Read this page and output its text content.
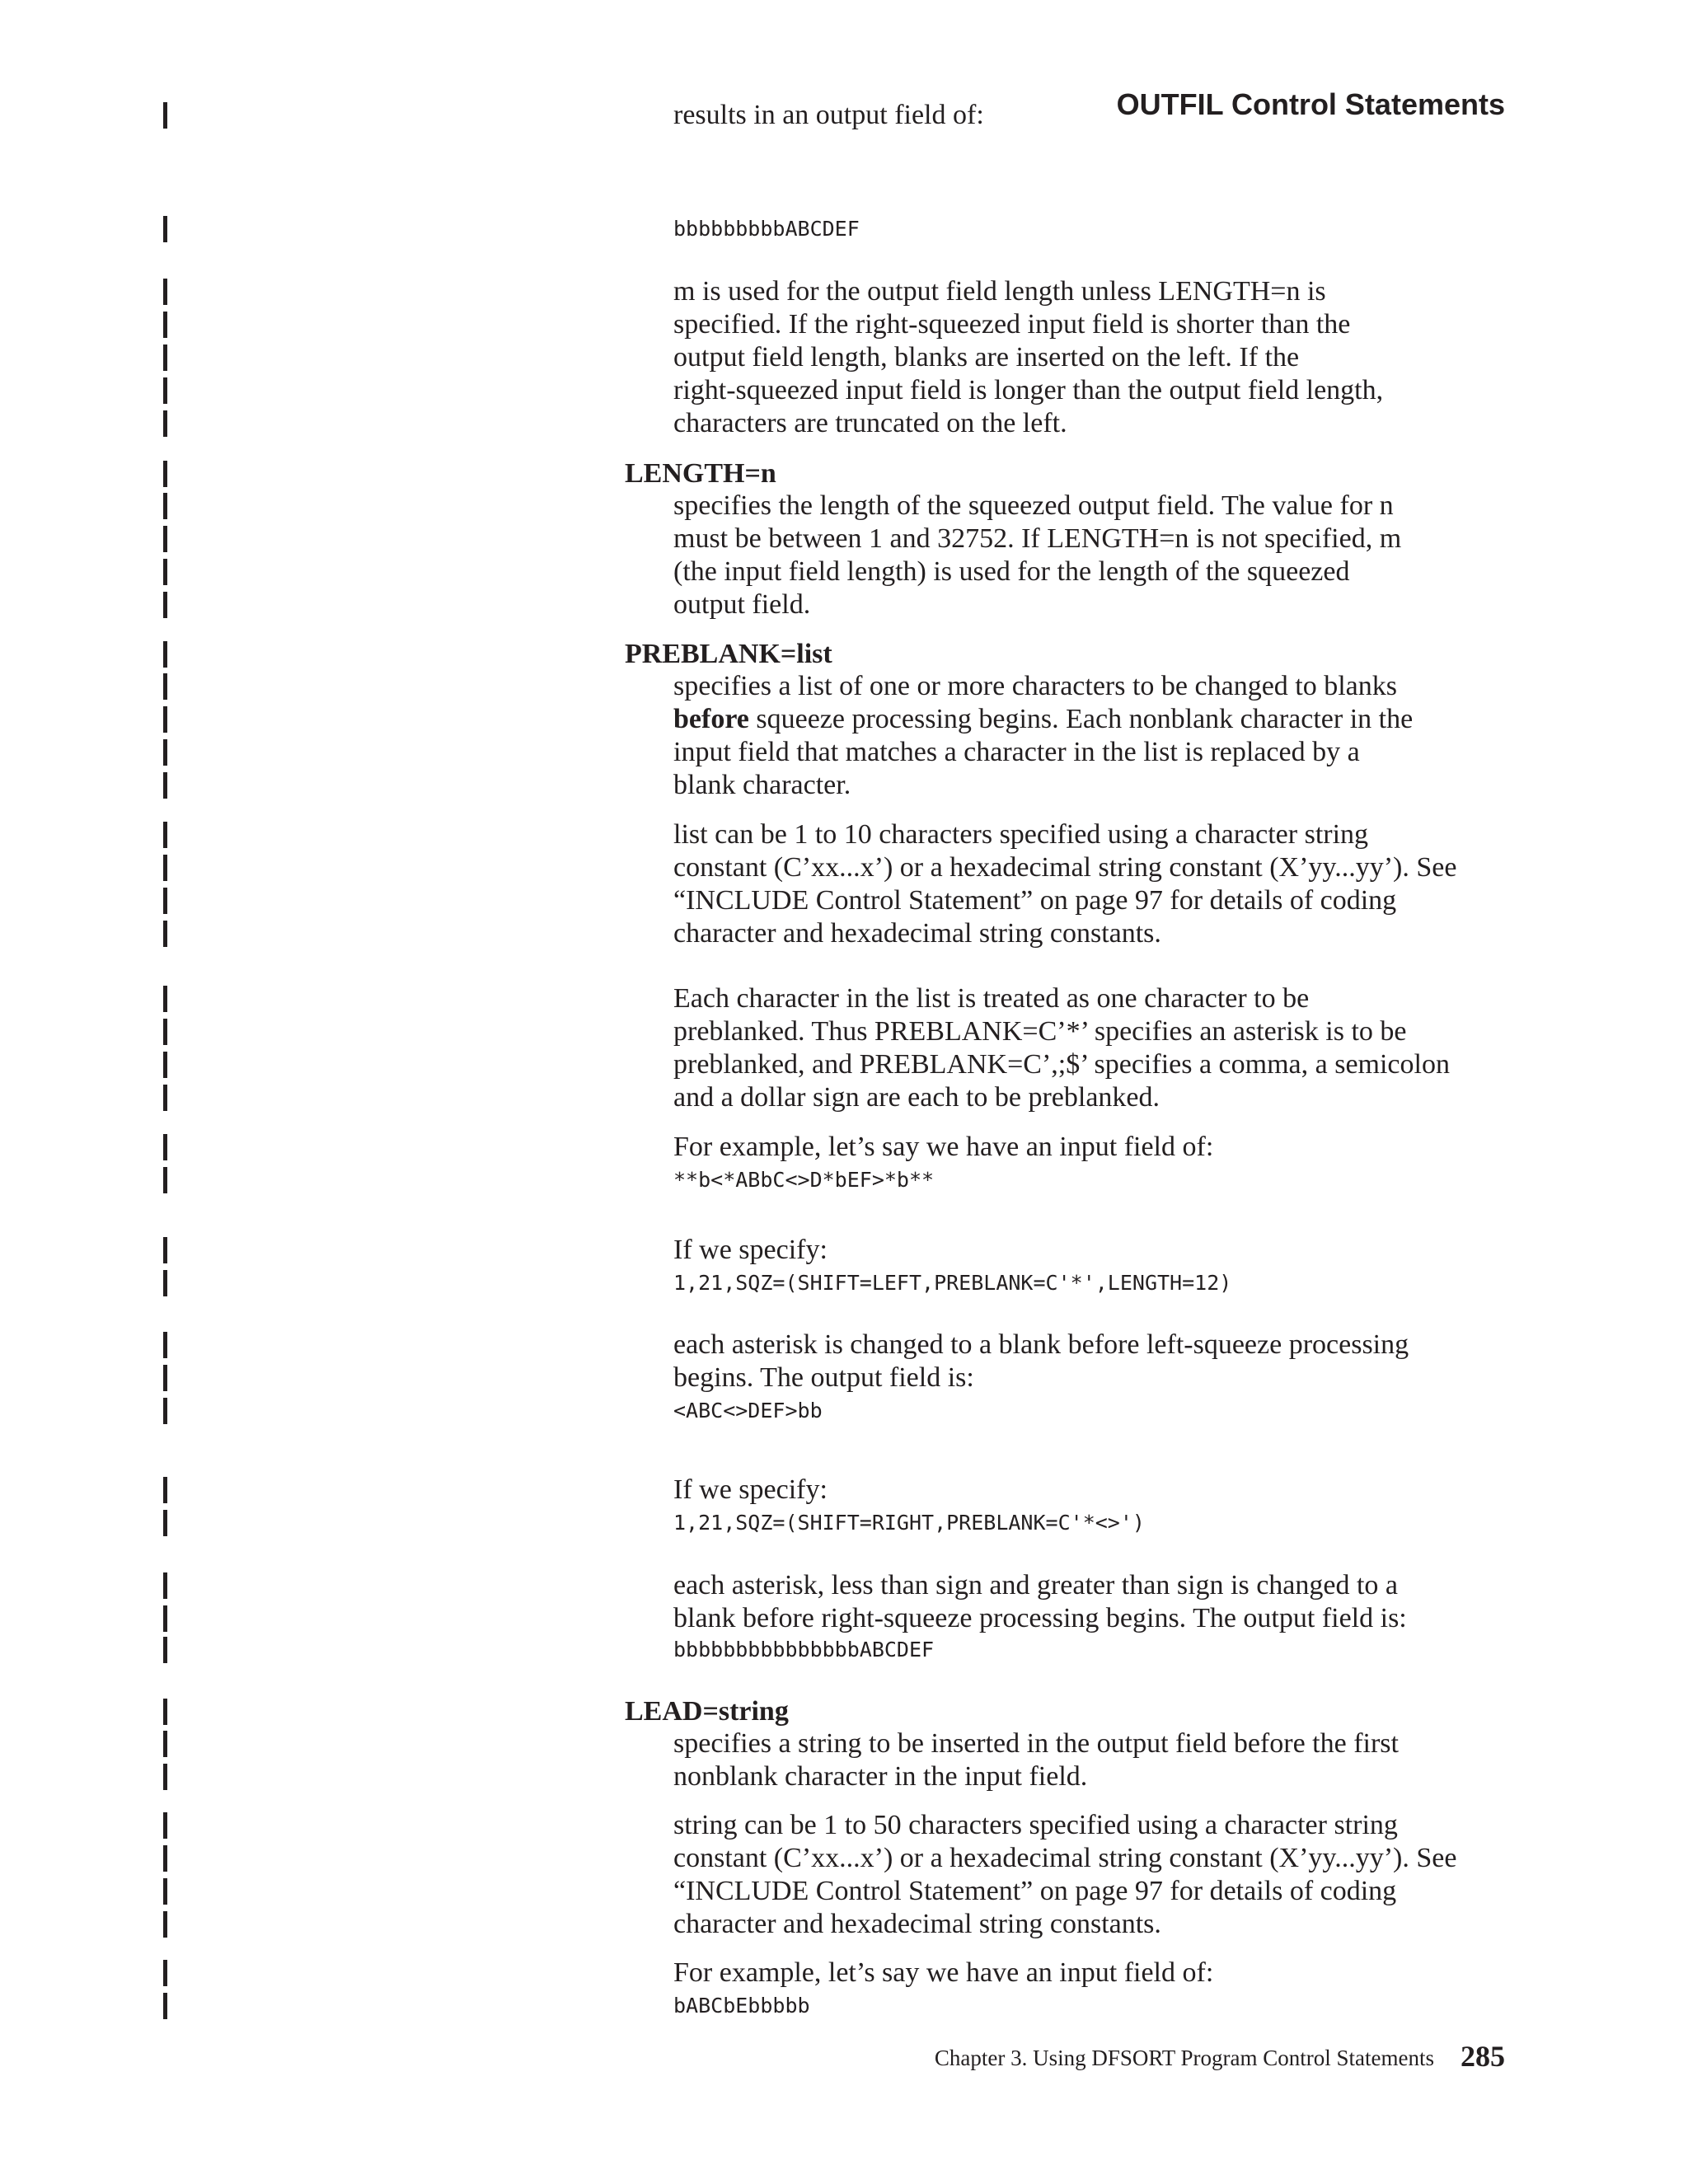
OUTFIL Control Statements
results in an output field of:
bbbbbbbbbABCDEF
m is used for the output field length unless LENGTH=n is
specified. If the right-squeezed input field is shorter than the
output field length, blanks are inserted on the left. If the
right-squeezed input field is longer than the output field length,
characters are truncated on the left.
LENGTH=n
specifies the length of the squeezed output field. The value for n
must be between 1 and 32752. If LENGTH=n is not specified, m
(the input field length) is used for the length of the squeezed
output field.
PREBLANK=list
specifies a list of one or more characters to be changed to blanks
before squeeze processing begins. Each nonblank character in the
input field that matches a character in the list is replaced by a
blank character.
list can be 1 to 10 characters specified using a character string
constant (C’xx...x’) or a hexadecimal string constant (X’yy...yy’). See
“INCLUDE Control Statement” on page 97 for details of coding
character and hexadecimal string constants.
Each character in the list is treated as one character to be
preblanked. Thus PREBLANK=C’*’ specifies an asterisk is to be
preblanked, and PREBLANK=C’,;$’ specifies a comma, a semicolon
and a dollar sign are each to be preblanked.
For example, let’s say we have an input field of:
**b<*ABbC<>D*bEF>*b**
If we specify:
1,21,SQZ=(SHIFT=LEFT,PREBLANK=C'*',LENGTH=12)
each asterisk is changed to a blank before left-squeeze processing
begins. The output field is:
<ABC<>DEF>bb
If we specify:
1,21,SQZ=(SHIFT=RIGHT,PREBLANK=C'*<>')
each asterisk, less than sign and greater than sign is changed to a
blank before right-squeeze processing begins. The output field is:
bbbbbbbbbbbbbbbABCDEF
LEAD=string
specifies a string to be inserted in the output field before the first
nonblank character in the input field.
string can be 1 to 50 characters specified using a character string
constant (C’xx...x’) or a hexadecimal string constant (X’yy...yy’). See
“INCLUDE Control Statement” on page 97 for details of coding
character and hexadecimal string constants.
For example, let’s say we have an input field of:
bABCbEbbbbb
Chapter 3. Using DFSORT Program Control Statements 285
